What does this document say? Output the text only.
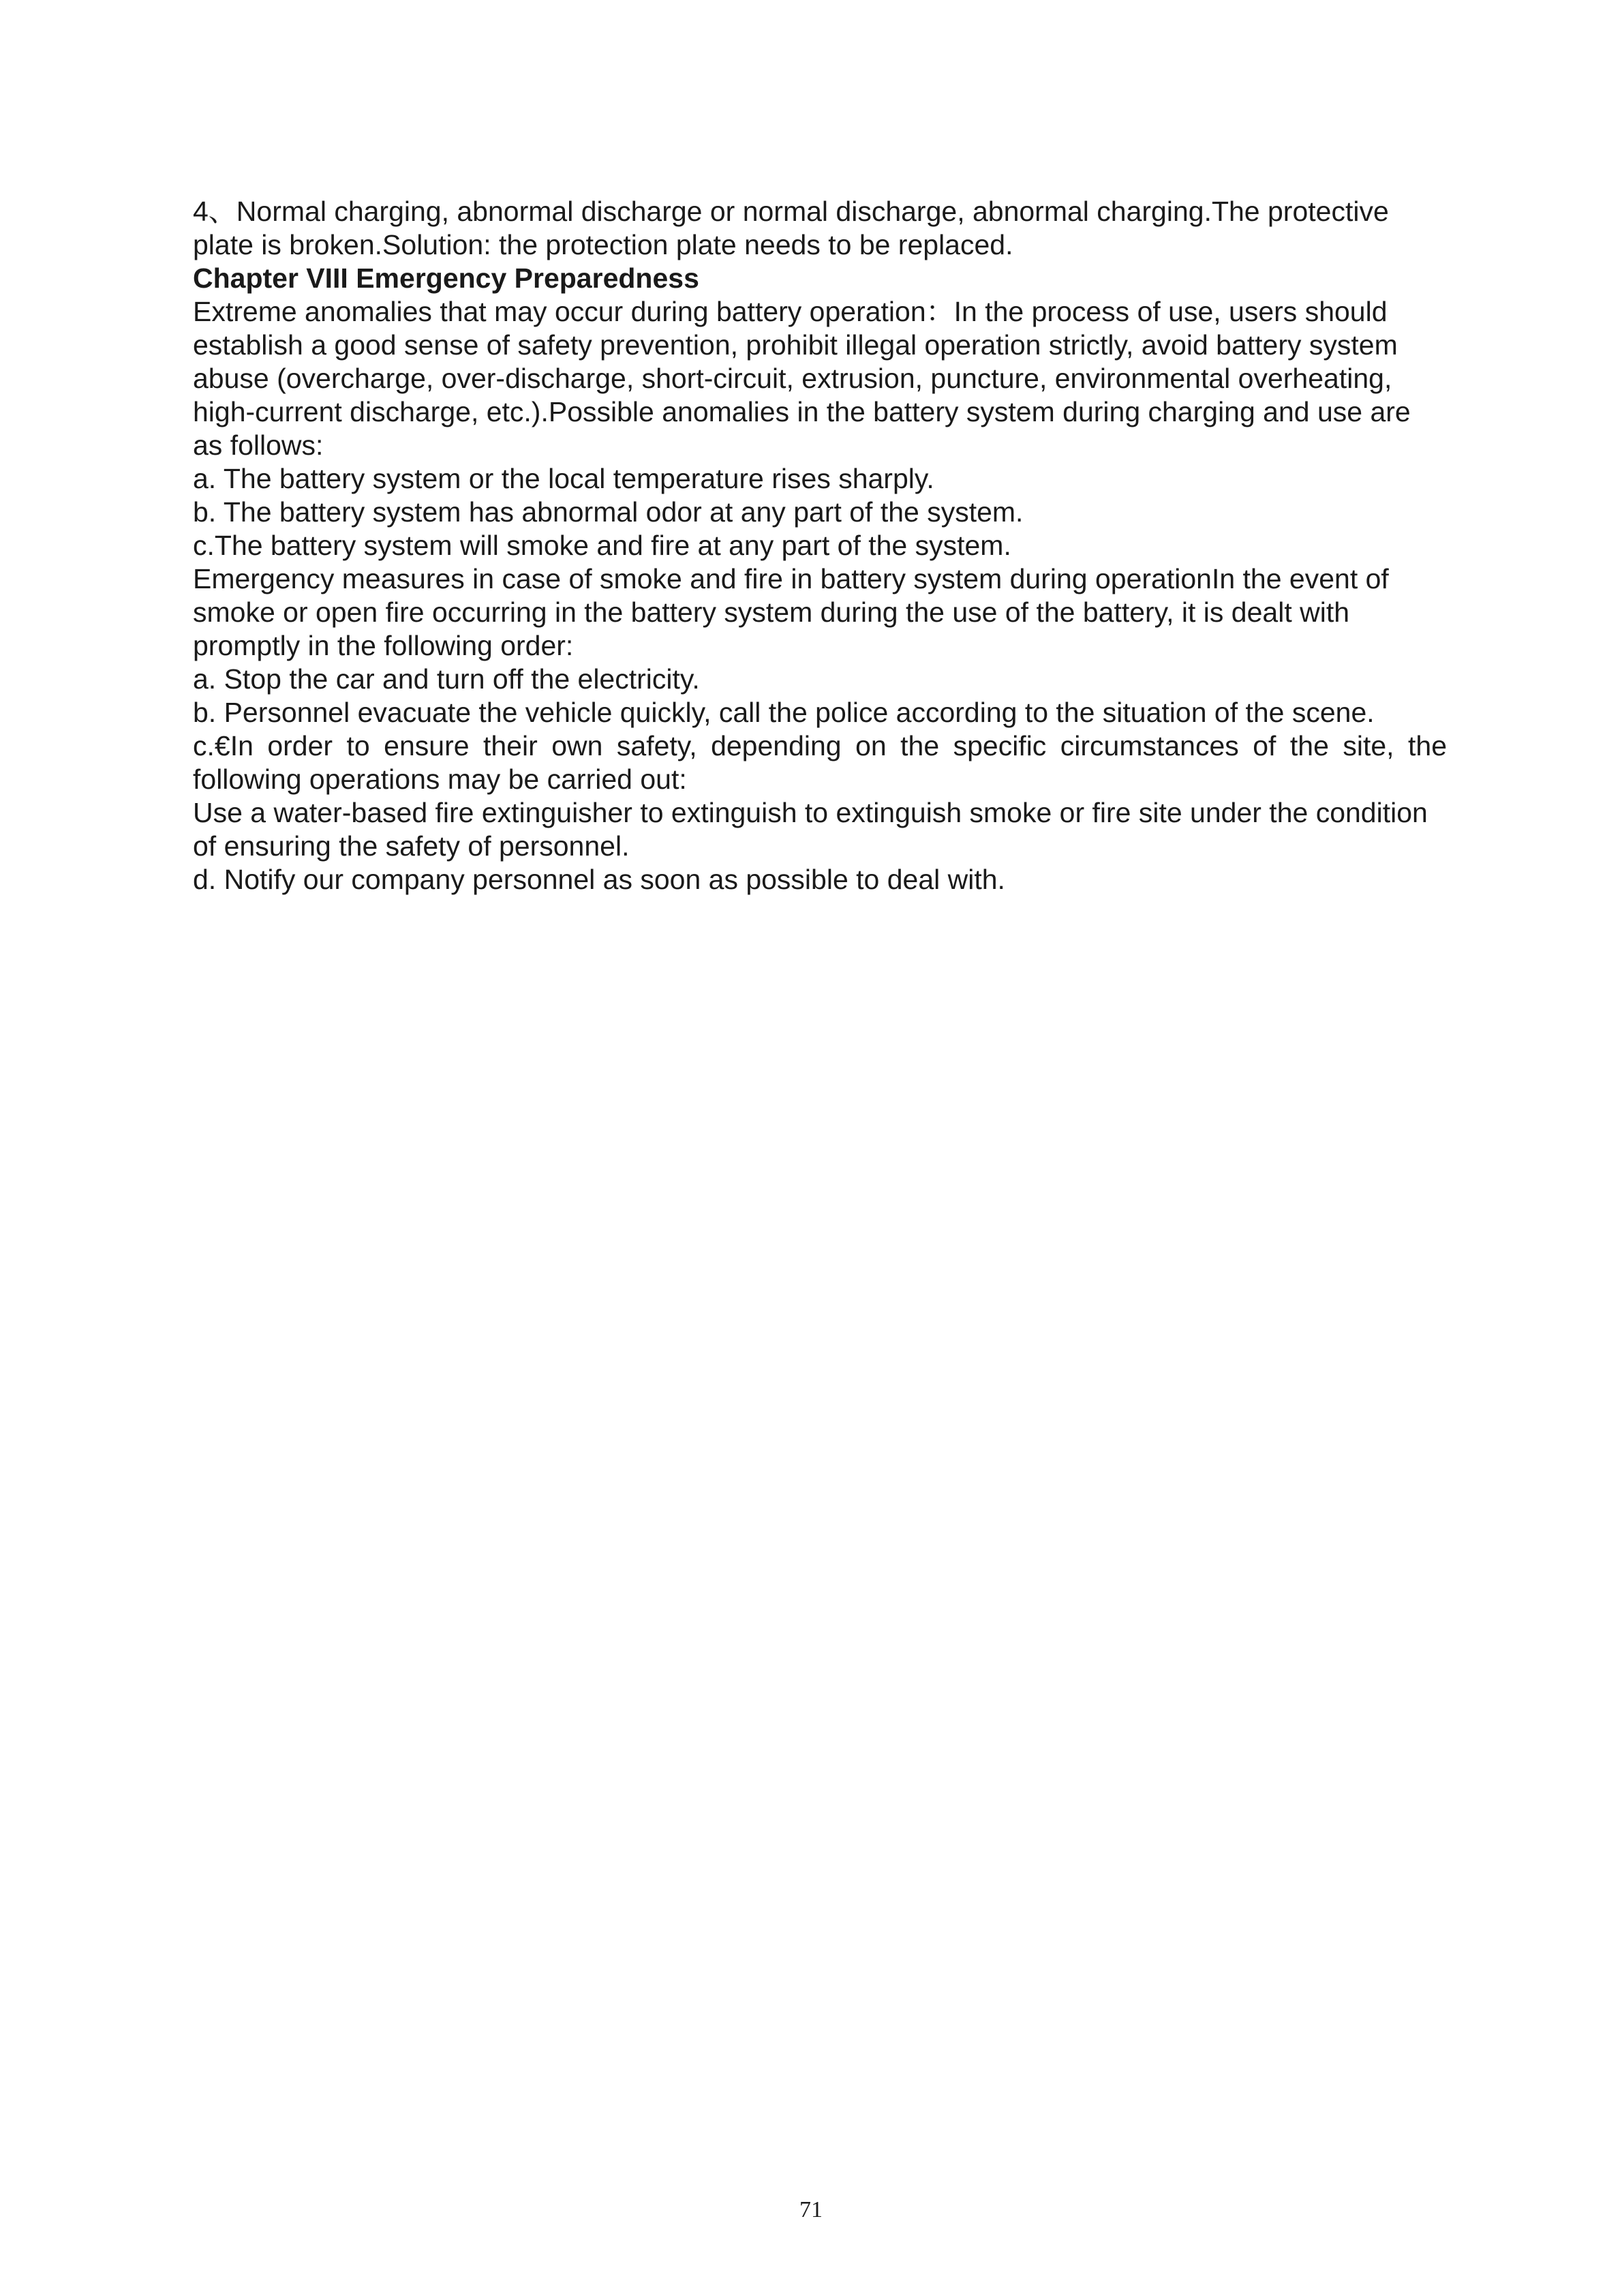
4、Normal charging, abnormal discharge or normal discharge, abnormal charging.The protective plate is broken.Solution: the protection plate needs to be replaced.

Chapter VIII Emergency Preparedness

Extreme anomalies that may occur during battery operation：In the process of use, users should establish a good sense of safety prevention, prohibit illegal operation strictly, avoid battery system abuse (overcharge, over-discharge, short-circuit, extrusion, puncture, environmental overheating, high-current discharge, etc.).Possible anomalies in the battery system during charging and use are as follows:

a. The battery system or the local temperature rises sharply.

b. The battery system has abnormal odor at any part of the system.

c.The battery system will smoke and fire at any part of the system.

Emergency measures in case of smoke and fire in battery system during operationIn the event of smoke or open fire occurring in the battery system during the use of the battery, it is dealt with promptly in the following order:

a. Stop the car and turn off the electricity.

b. Personnel evacuate the vehicle quickly, call the police according to the situation of the scene.

c.€In order to ensure their own safety, depending on the specific circumstances of the site, the following operations may be carried out:

Use a water-based fire extinguisher to extinguish to extinguish smoke or fire site under the condition of ensuring the safety of personnel.

d. Notify our company personnel as soon as possible to deal with.

71
